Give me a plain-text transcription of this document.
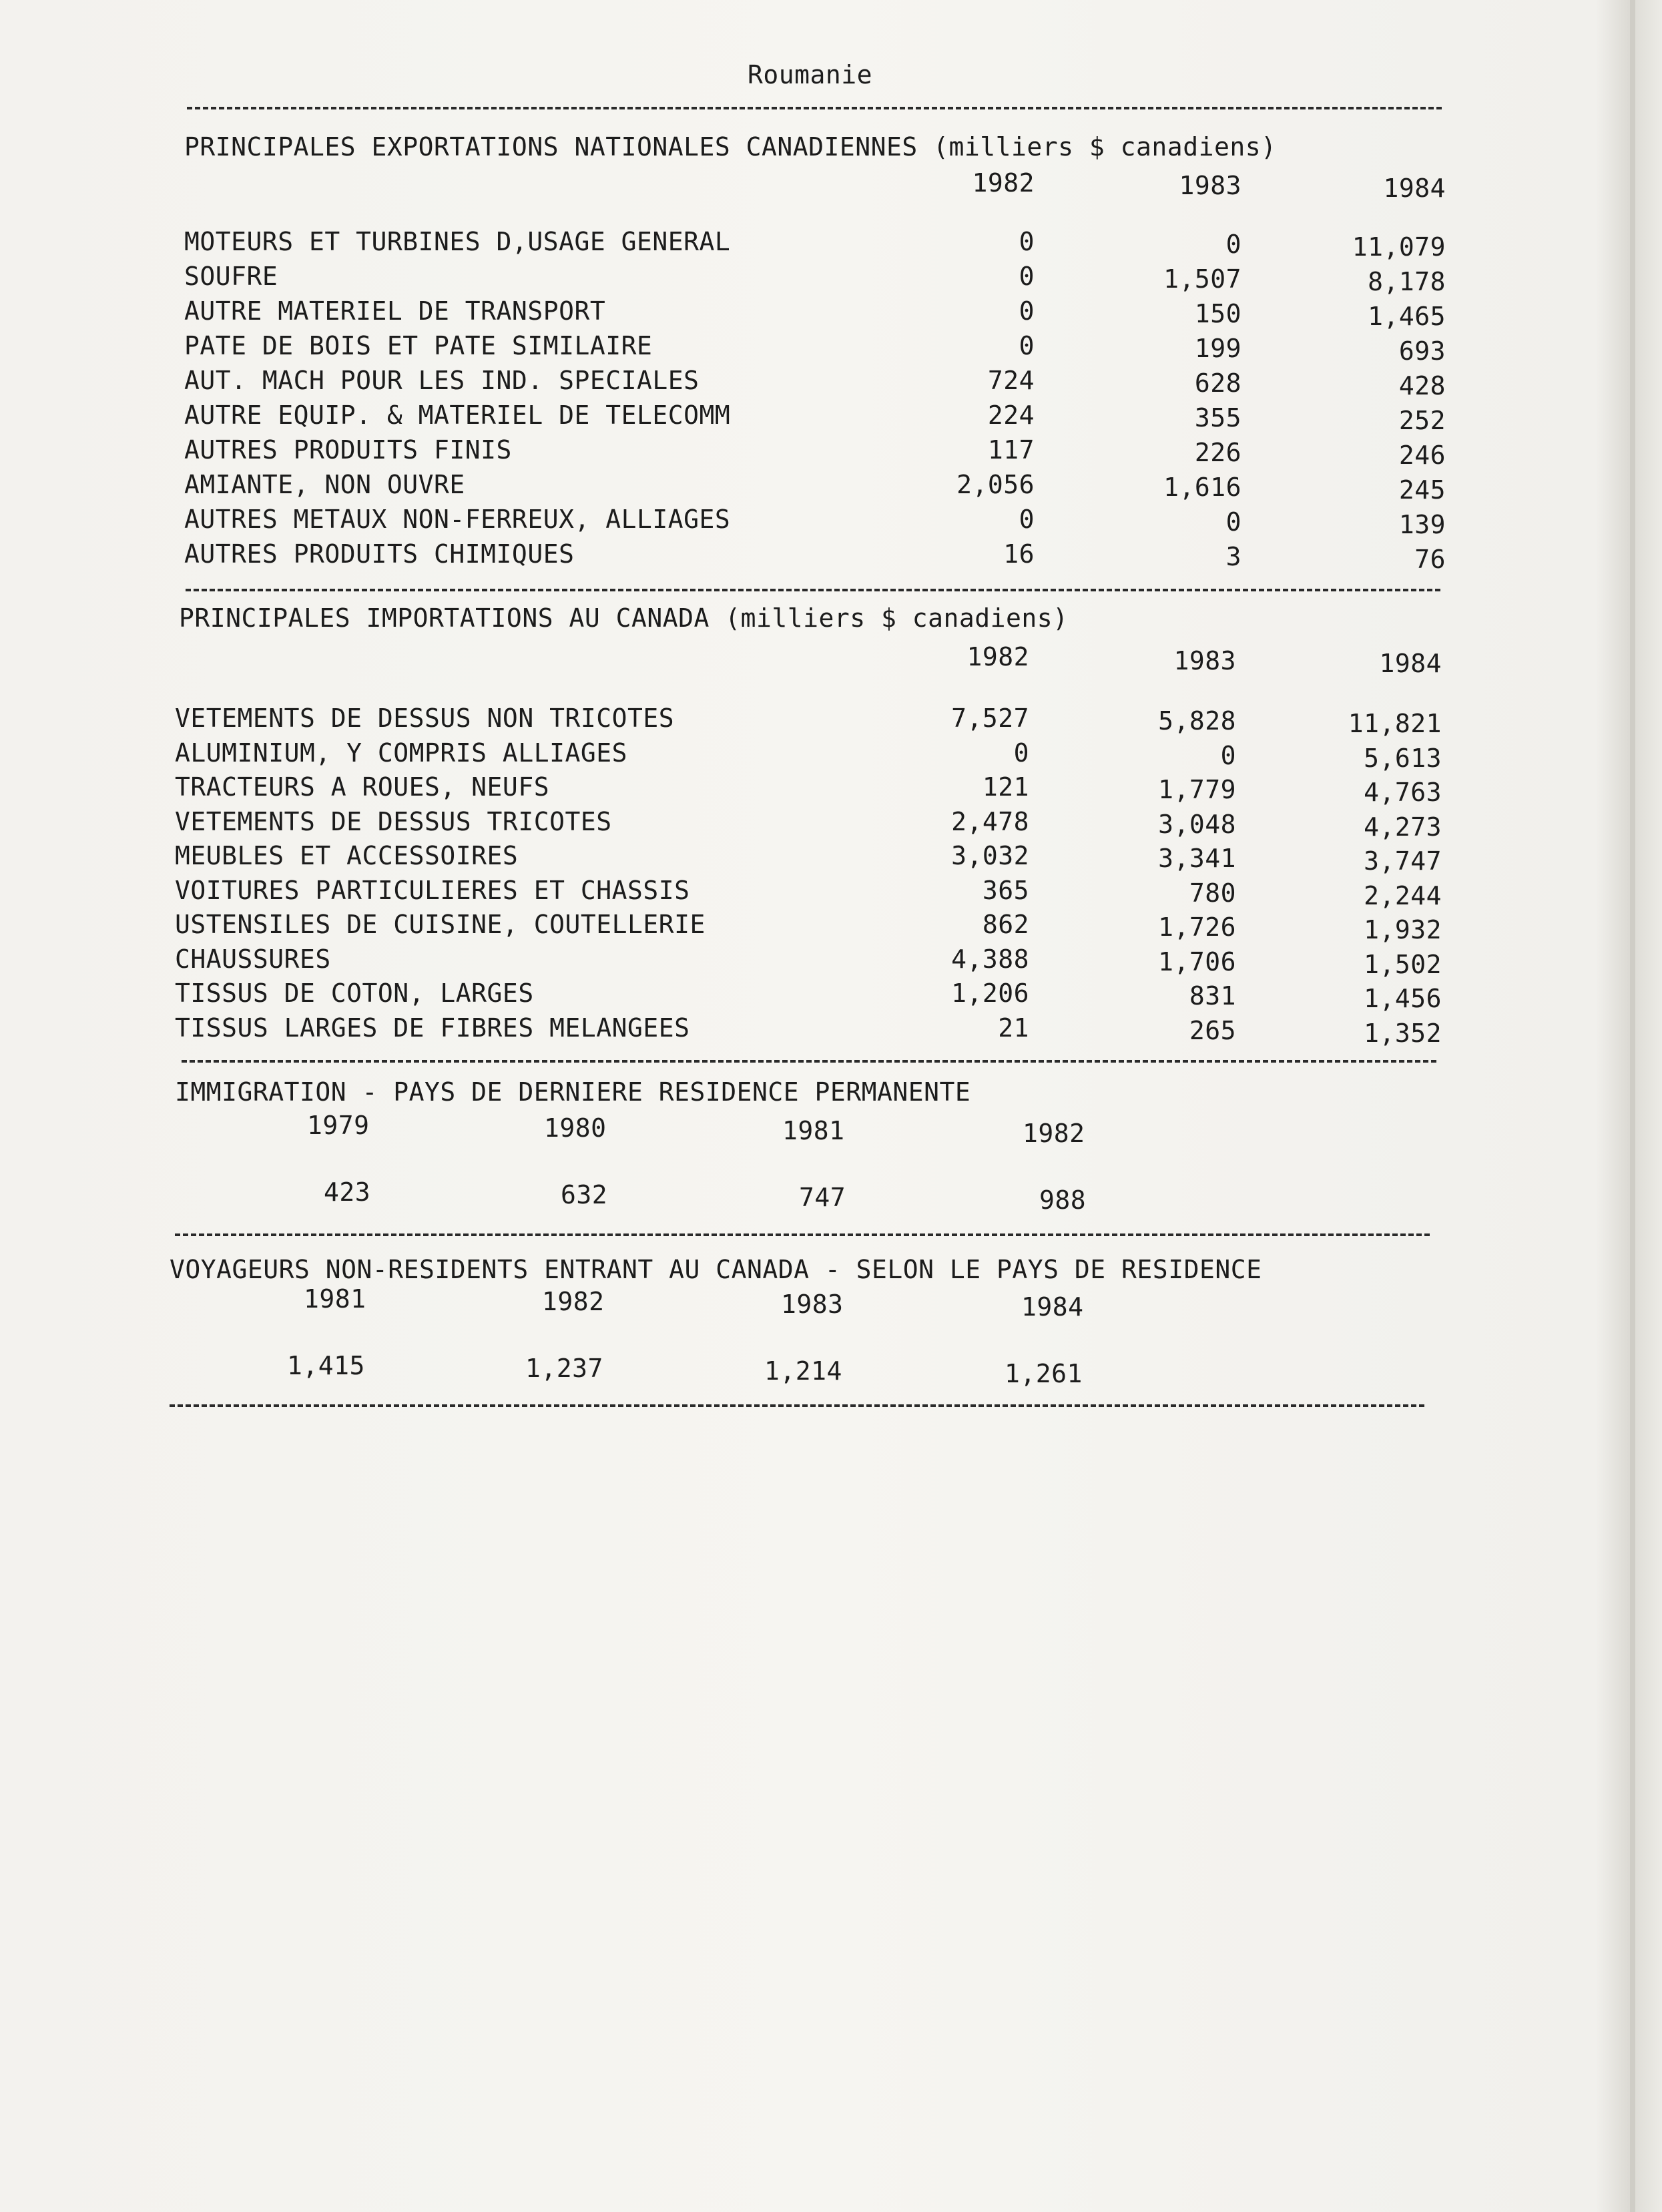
Roumanie
PRINCIPALES EXPORTATIONS NATIONALES CANADIENNES (milliers $ canadiens)
1982	1983	1984
MOTEURS ET TURBINES D,USAGE GENERAL	0	0	11,079
SOUFRE	0	1,507	8,178
AUTRE MATERIEL DE TRANSPORT	0	150	1,465
PATE DE BOIS ET PATE SIMILAIRE	0	199	693
AUT. MACH POUR LES IND. SPECIALES	724	628	428
AUTRE EQUIP. & MATERIEL DE TELECOMM	224	355	252
AUTRES PRODUITS FINIS	117	226	246
AMIANTE, NON OUVRE	2,056	1,616	245
AUTRES METAUX NON-FERREUX, ALLIAGES	0	0	139
AUTRES PRODUITS CHIMIQUES	16	3	76
PRINCIPALES IMPORTATIONS AU CANADA (milliers $ canadiens)
1982	1983	1984
VETEMENTS DE DESSUS NON TRICOTES	7,527	5,828	11,821
ALUMINIUM, Y COMPRIS ALLIAGES	0	0	5,613
TRACTEURS A ROUES, NEUFS	121	1,779	4,763
VETEMENTS DE DESSUS TRICOTES	2,478	3,048	4,273
MEUBLES ET ACCESSOIRES	3,032	3,341	3,747
VOITURES PARTICULIERES ET CHASSIS	365	780	2,244
USTENSILES DE CUISINE, COUTELLERIE	862	1,726	1,932
CHAUSSURES	4,388	1,706	1,502
TISSUS DE COTON, LARGES	1,206	831	1,456
TISSUS LARGES DE FIBRES MELANGEES	21	265	1,352
IMMIGRATION - PAYS DE DERNIERE RESIDENCE PERMANENTE
1979	1980	1981	1982
423	632	747	988
VOYAGEURS NON-RESIDENTS ENTRANT AU CANADA - SELON LE PAYS DE RESIDENCE
1981	1982	1983	1984
1,415	1,237	1,214	1,261
